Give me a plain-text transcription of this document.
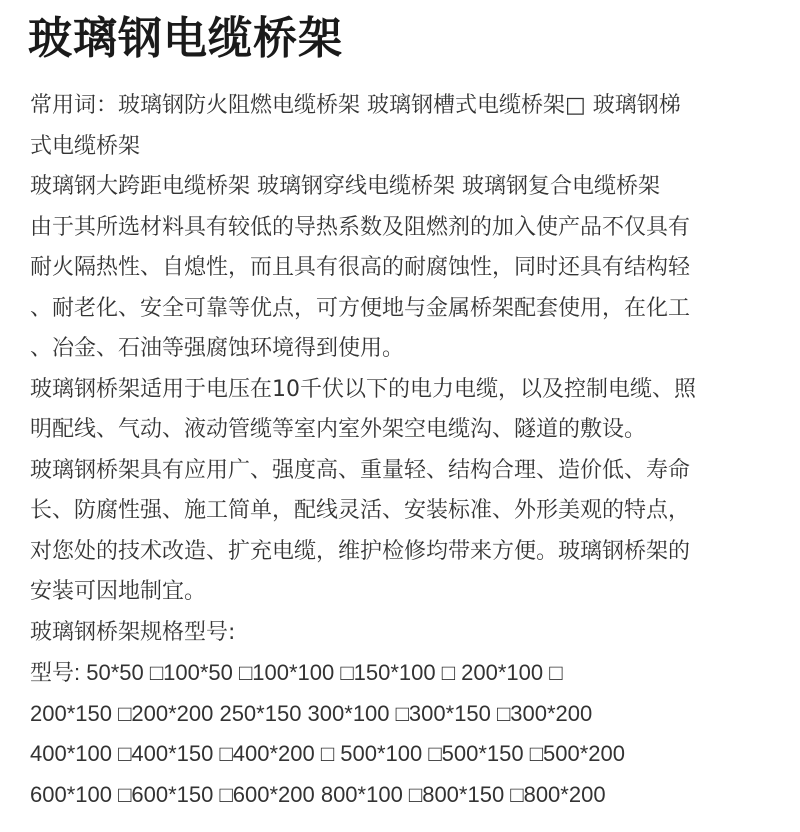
玻璃钢电缆桥架
常用词：玻璃钢防火阻燃电缆桥架 玻璃钢槽式电缆桥架□ 玻璃钢梯
式电缆桥架
玻璃钢大跨距电缆桥架 玻璃钢穿线电缆桥架 玻璃钢复合电缆桥架
由于其所选材料具有较低的导热系数及阻燃剂的加入使产品不仅具有
耐火隔热性、自熄性，而且具有很高的耐腐蚀性，同时还具有结构轻
、耐老化、安全可靠等优点，可方便地与金属桥架配套使用，在化工
、冶金、石油等强腐蚀环境得到使用。
玻璃钢桥架适用于电压在10千伏以下的电力电缆，以及控制电缆、照
明配线、气动、液动管缆等室内室外架空电缆沟、隧道的敷设。
玻璃钢桥架具有应用广、强度高、重量轻、结构合理、造价低、寿命
长、防腐性强、施工简单，配线灵活、安装标准、外形美观的特点，
对您处的技术改造、扩充电缆，维护检修均带来方便。玻璃钢桥架的
安装可因地制宜。
玻璃钢桥架规格型号:
型号: 50*50 □100*50 □100*100 □150*100 □ 200*100 □
200*150 □200*200 250*150 300*100 □300*150 □300*200
400*100 □400*150 □400*200 □ 500*100 □500*150 □500*200
600*100 □600*150 □600*200 800*100 □800*150 □800*200
